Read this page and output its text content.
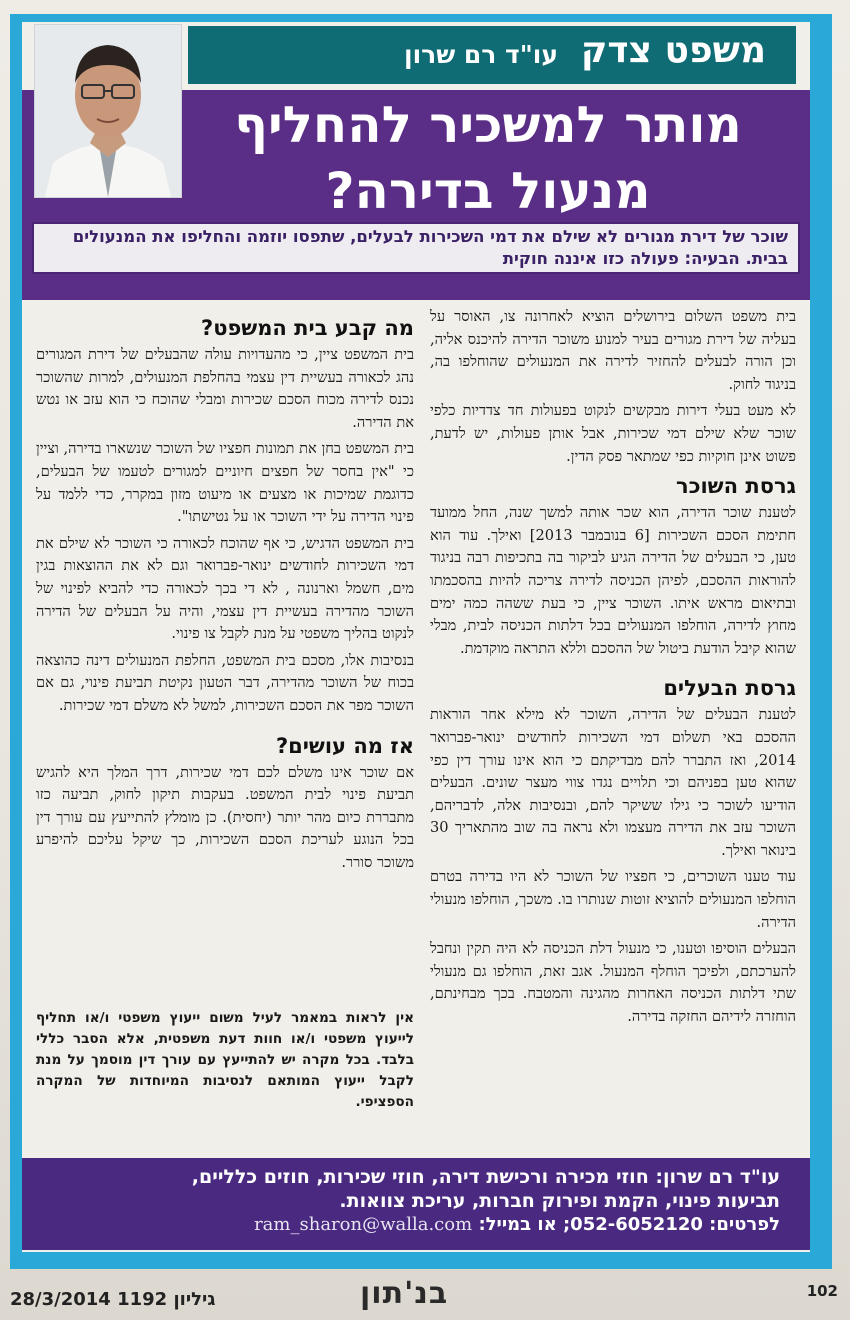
משפט צדק
עו"ד רם שרון
מותר למשכיר להחליף מנעול בדירה?
שוכר של דירת מגורים לא שילם את דמי השכירות לבעלים, שתפסו יוזמה והחליפו את המנעולים בבית. הבעיה: פעולה כזו איננה חוקית

בית משפט השלום בירושלים הוציא לאחרונה צו, האוסר על בעליה של דירת מגורים בעיר למנוע משוכר הדירה להיכנס אליה, וכן הורה לבעלים להחזיר לדירה את המנעולים שהוחלפו בה, בניגוד לחוק.

לא מעט בעלי דירות מבקשים לנקוט בפעולות חד צדדיות כלפי שוכר שלא שילם דמי שכירות, אבל אותן פעולות, יש לדעת, פשוט אינן חוקיות כפי שמתאר פסק הדין.

גרסת השוכר

לטענת שוכר הדירה, הוא שכר אותה למשך שנה, החל ממועד חתימת הסכם השכירות [6 בנובמבר 2013] ואילך. עוד הוא טען, כי הבעלים של הדירה הגיע לביקור בה בתכיפות רבה בניגוד להוראות ההסכם, לפיהן הכניסה לדירה צריכה להיות בהסכמתו ובתיאום מראש איתו. השוכר ציין, כי בעת ששהה כמה ימים מחוץ לדירה, הוחלפו המנעולים בכל דלתות הכניסה לבית, מבלי שהוא קיבל הודעת ביטול של ההסכם וללא התראה מוקדמת.

גרסת הבעלים

לטענת הבעלים של הדירה, השוכר לא מילא אחר הוראות ההסכם באי תשלום דמי השכירות לחודשים ינואר-פברואר 2014, ואז התברר להם מבדיקתם כי הוא אינו עורך דין כפי שהוא טען בפניהם וכי תלויים נגדו צווי מעצר שונים. הבעלים הודיעו לשוכר כי גילו ששיקר להם, ובנסיבות אלה, לדבריהם, השוכר עזב את הדירה מעצמו ולא נראה בה שוב מהתאריך 30 בינואר ואילך.

עוד טענו השוכרים, כי חפציו של השוכר לא היו בדירה בטרם הוחלפו המנעולים להוציא זוטות שנותרו בו. משכך, הוחלפו מנעולי הדירה.

הבעלים הוסיפו וטענו, כי מנעול דלת הכניסה לא היה תקין ונחבל להערכתם, ולפיכך הוחלף המנעול. אגב זאת, הוחלפו גם מנעולי שתי דלתות הכניסה האחרות מהגינה והמטבח. בכך מבחינתם, הוחזרה לידיהם החזקה בדירה.

מה קבע בית המשפט?

בית המשפט ציין, כי מהעדויות עולה שהבעלים של דירת המגורים נהג לכאורה בעשיית דין עצמי בהחלפת המנעולים, למרות שהשוכר נכנס לדירה מכוח הסכם שכירות ומבלי שהוכח כי הוא עזב או נטש את הדירה.

בית המשפט בחן את תמונות חפציו של השוכר שנשארו בדירה, וציין כי "אין בחסר של חפצים חיוניים למגורים לטעמו של הבעלים, כדוגמת שמיכות או מצעים או מיעוט מזון במקרר, כדי ללמד על פינוי הדירה על ידי השוכר או על נטישתו".

בית המשפט הדגיש, כי אף שהוכח לכאורה כי השוכר לא שילם את דמי השכירות לחודשים ינואר-פברואר וגם לא את ההוצאות בגין מים, חשמל וארנונה , לא די בכך לכאורה כדי להביא לפינוי של השוכר מהדירה בעשיית דין עצמי, והיה על הבעלים של הדירה לנקוט בהליך משפטי על מנת לקבל צו פינוי.

בנסיבות אלו, מסכם בית המשפט, החלפת המנעולים דינה כהוצאה בכוח של השוכר מהדירה, דבר הטעון נקיטת תביעת פינוי, גם אם השוכר מפר את הסכם השכירות, למשל לא משלם דמי שכירות.

אז מה עושים?

אם שוכר אינו משלם לכם דמי שכירות, דרך המלך היא להגיש תביעת פינוי לבית המשפט. בעקבות תיקון לחוק, תביעה כזו מתבררת כיום מהר יותר (יחסית). כן מומלץ להתייעץ עם עורך דין בכל הנוגע לעריכת הסכם השכירות, כך שיקל עליכם להיפרע משוכר סורר.

אין לראות במאמר לעיל משום ייעוץ משפטי ו/או תחליף לייעוץ משפטי ו/או חוות דעת משפטית, אלא הסבר כללי בלבד. בכל מקרה יש להתייעץ עם עורך דין מוסמך על מנת לקבל ייעוץ המותאם לנסיבות המיוחדות של המקרה הספציפי.
עו"ד רם שרון: חוזי מכירה ורכישת דירה, חוזי שכירות, חוזים כלליים,
תביעות פינוי, הקמת ופירוק חברות, עריכת צוואות.
לפרטים: 052-6052120; או במייל: ram_sharon@walla.com
102
בנ'תון
גיליון 1192 28/3/2014
